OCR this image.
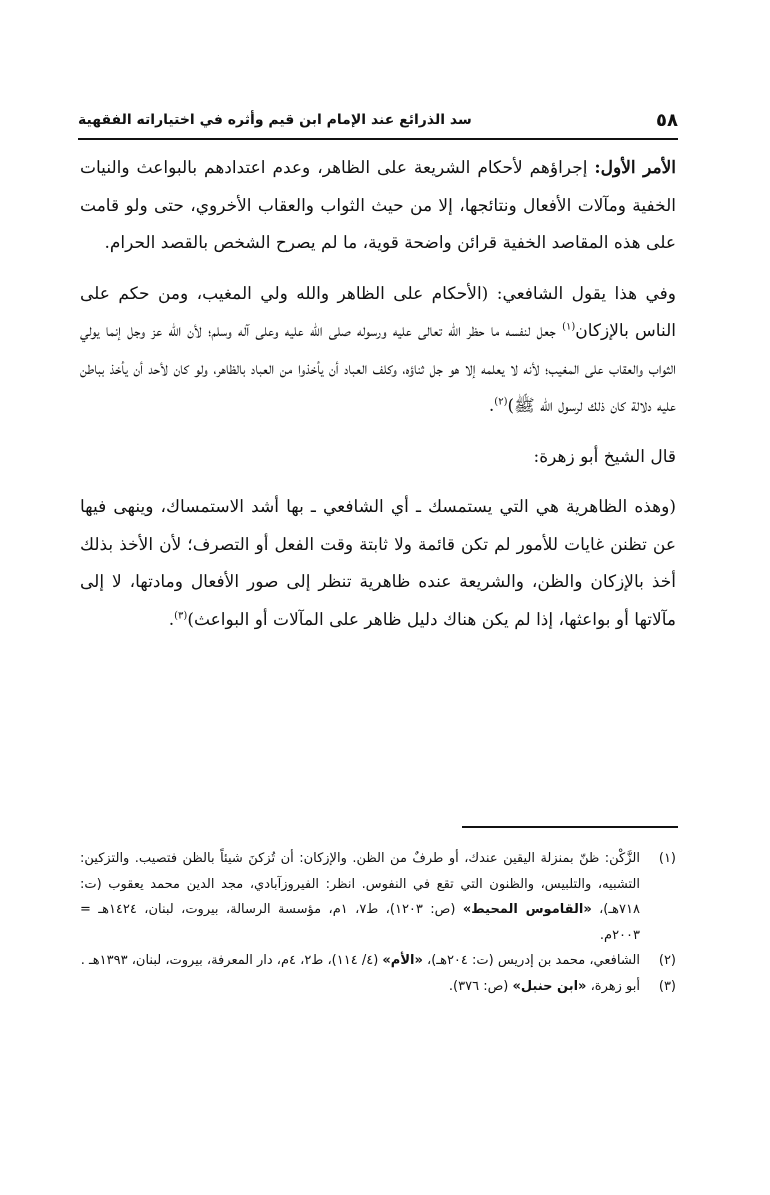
٥٨
سد الذرائع عند الإمام ابن قيم وأثره في اختياراته الفقهية

الأمر الأول: إجراؤهم لأحكام الشريعة على الظاهر، وعدم اعتدادهم بالبواعث والنيات الخفية ومآلات الأفعال ونتائجها، إلا من حيث الثواب والعقاب الأخروي، حتى ولو قامت على هذه المقاصد الخفية قرائن واضحة قوية، ما لم يصرح الشخص بالقصد الحرام.

وفي هذا يقول الشافعي: (الأحكام على الظاهر والله ولي المغيب، ومن حكم على الناس بالإزكان$^{(١)}$ جعل لنفسه ما حظر الله تعالى عليه ورسوله صلى الله عليه وعلى آله وسلم؛ لأن الله عز وجل إنما يولي الثواب والعقاب على المغيب؛ لأنه لا يعلمه إلا هو جل ثناؤه، وكلف العباد أن يأخذوا من العباد بالظاهر، ولو كان لأحد أن يأخذ بباطن عليه دلالة كان ذلك لرسول الله ﷺ)$^{(٢)}$.

قال الشيخ أبو زهرة:

(وهذه الظاهرية هي التي يستمسك ـ أي الشافعي ـ بها أشد الاستمساك، وينهى فيها عن تظنن غايات للأمور لم تكن قائمة ولا ثابتة وقت الفعل أو التصرف؛ لأن الأخذ بذلك أخذ بالإزكان والظن، والشريعة عنده ظاهرية تنظر إلى صور الأفعال ومادتها، لا إلى مآلاتها أو بواعثها، إذا لم يكن هناك دليل ظاهر على المآلات أو البواعث)$^{(٣)}$.

(١)
الزَّكْن: ظنّ بمنزلة اليقين عندك، أو طرفٌ من الظن. والإزكان: أن تُزكنَ شيئاً بالظن فتصيب. والتزكين: التشبيه، والتلبيس، والظنون التي تقع في النفوس. انظر: الفيروزآبادي، مجد الدين محمد يعقوب (ت: ٧١٨هـ)، «القاموس المحيط» (ص: ١٢٠٣)، ط٧، ١م، مؤسسة الرسالة، بيروت، لبنان، ١٤٢٤هـ = ٢٠٠٣م.
(٢)
الشافعي، محمد بن إدريس (ت: ٢٠٤هـ)، «الأم» (٤/ ١١٤)، ط٢، ٤م، دار المعرفة، بيروت، لبنان، ١٣٩٣هـ .
(٣)
أبو زهرة، «ابن حنبل» (ص: ٣٧٦).
